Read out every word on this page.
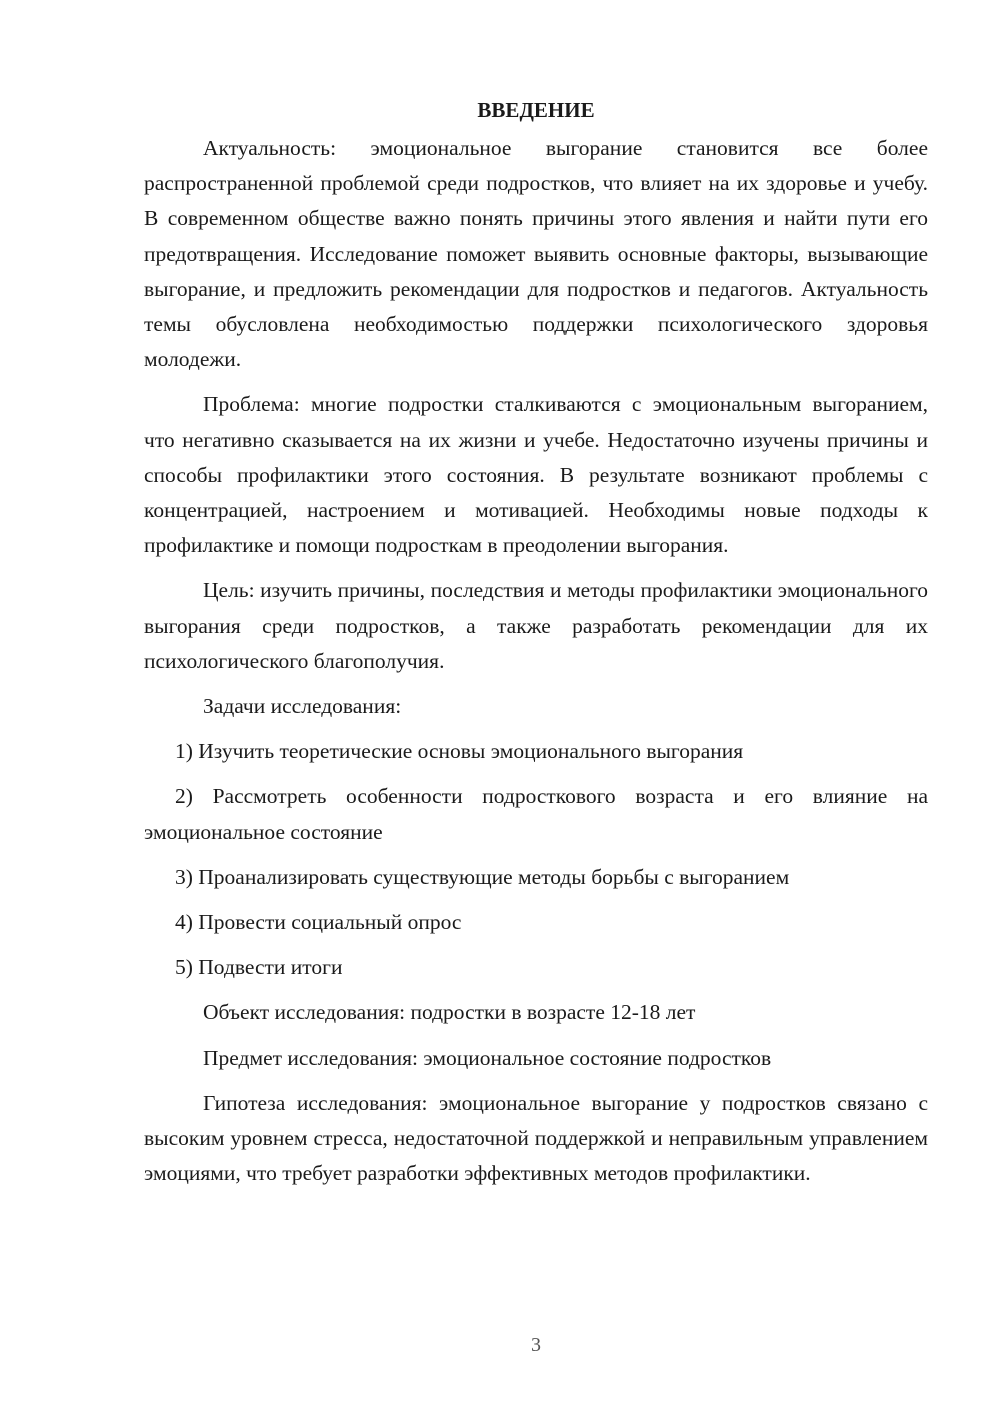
ВВЕДЕНИЕ

Актуальность: эмоциональное выгорание становится все более распространенной проблемой среди подростков, что влияет на их здоровье и учебу. В современном обществе важно понять причины этого явления и найти пути его предотвращения. Исследование поможет выявить основные факторы, вызывающие выгорание, и предложить рекомендации для подростков и педагогов. Актуальность темы обусловлена необходимостью поддержки психологического здоровья молодежи.

Проблема: многие подростки сталкиваются с эмоциональным выгоранием, что негативно сказывается на их жизни и учебе. Недостаточно изучены причины и способы профилактики этого состояния. В результате возникают проблемы с концентрацией, настроением и мотивацией. Необходимы новые подходы к профилактике и помощи подросткам в преодолении выгорания.

Цель: изучить причины, последствия и методы профилактики эмоционального выгорания среди подростков, а также разработать рекомендации для их психологического благополучия.

Задачи исследования:

1) Изучить теоретические основы эмоционального выгорания

2) Рассмотреть особенности подросткового возраста и его влияние на эмоциональное состояние

3) Проанализировать существующие методы борьбы с выгоранием

4) Провести социальный опрос

5) Подвести итоги

Объект исследования: подростки в возрасте 12-18 лет

Предмет исследования: эмоциональное состояние подростков

Гипотеза исследования: эмоциональное выгорание у подростков связано с высоким уровнем стресса, недостаточной поддержкой и неправильным управлением эмоциями, что требует разработки эффективных методов профилактики.

3
